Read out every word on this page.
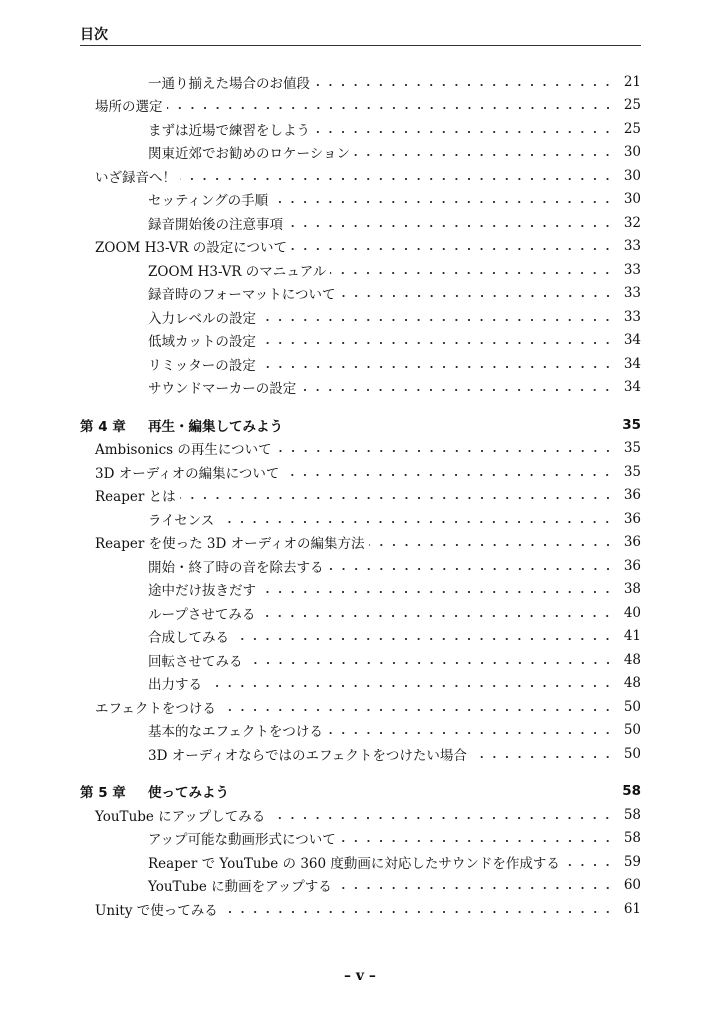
目次
一通り揃えた場合のお値段	21
場所の選定	25
まずは近場で練習をしよう	25
関東近郊でお勧めのロケーション	30
いざ録音へ！	30
セッティングの手順	30
録音開始後の注意事項	32
ZOOM H3-VR の設定について	33
ZOOM H3-VR のマニュアル	33
録音時のフォーマットについて	33
入力レベルの設定	33
低域カットの設定	34
リミッターの設定	34
サウンドマーカーの設定	34
第 4 章	再生・編集してみよう	35
Ambisonics の再生について	35
3D オーディオの編集について	35
Reaper とは	36
ライセンス	36
Reaper を使った 3D オーディオの編集方法	36
開始・終了時の音を除去する	36
途中だけ抜きだす	38
ループさせてみる	40
合成してみる	41
回転させてみる	48
出力する	48
エフェクトをつける	50
基本的なエフェクトをつける	50
3D オーディオならではのエフェクトをつけたい場合	50
第 5 章	使ってみよう	58
YouTube にアップしてみる	58
アップ可能な動画形式について	58
Reaper で YouTube の 360 度動画に対応したサウンドを作成する	59
YouTube に動画をアップする	60
Unity で使ってみる	61
– v –
